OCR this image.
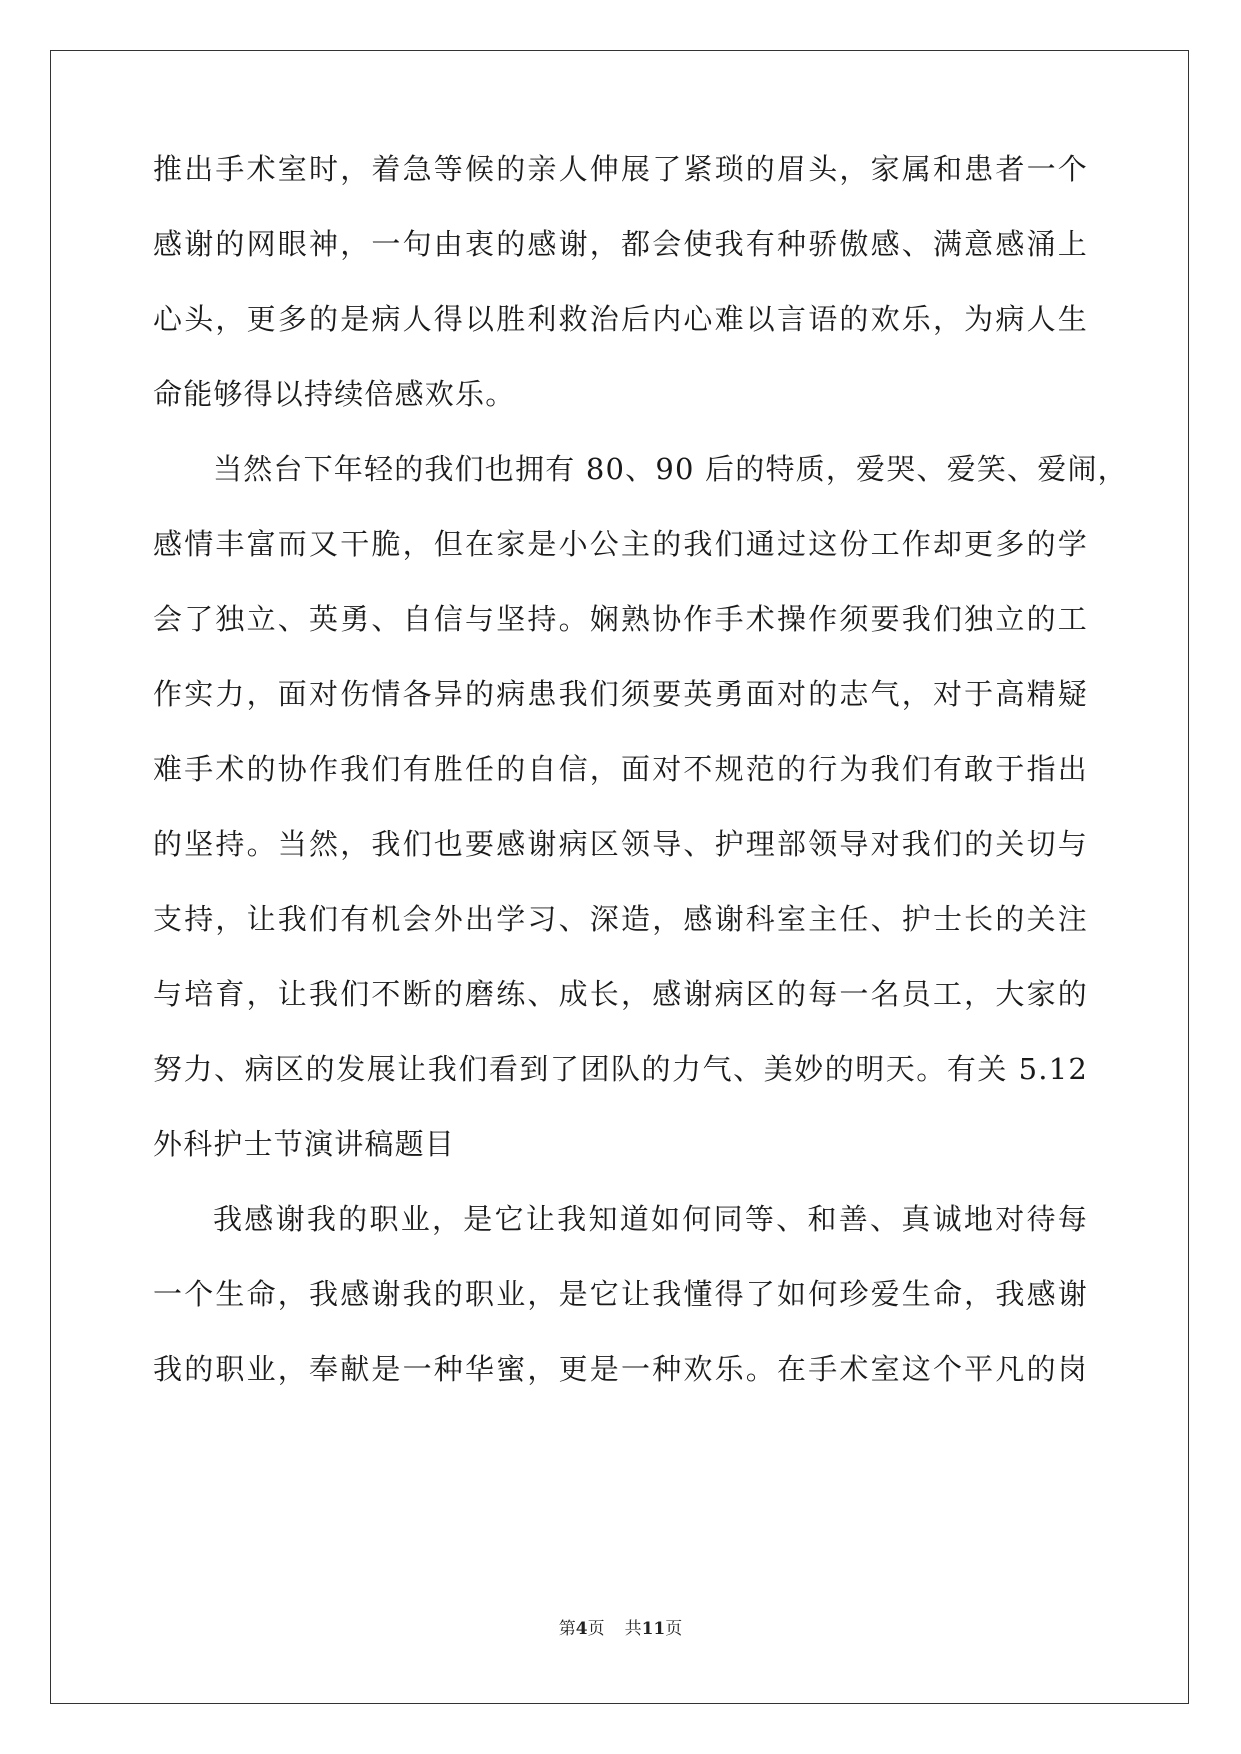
推出手术室时，着急等候的亲人伸展了紧琐的眉头，家属和患者一个
感谢的网眼神，一句由衷的感谢，都会使我有种骄傲感、满意感涌上
心头，更多的是病人得以胜利救治后内心难以言语的欢乐，为病人生
命能够得以持续倍感欢乐。
当然台下年轻的我们也拥有 80、90 后的特质，爱哭、爱笑、爱闹，
感情丰富而又干脆，但在家是小公主的我们通过这份工作却更多的学
会了独立、英勇、自信与坚持。娴熟协作手术操作须要我们独立的工
作实力，面对伤情各异的病患我们须要英勇面对的志气，对于高精疑
难手术的协作我们有胜任的自信，面对不规范的行为我们有敢于指出
的坚持。当然，我们也要感谢病区领导、护理部领导对我们的关切与
支持，让我们有机会外出学习、深造，感谢科室主任、护士长的关注
与培育，让我们不断的磨练、成长，感谢病区的每一名员工，大家的
努力、病区的发展让我们看到了团队的力气、美妙的明天。有关 5.12
外科护士节演讲稿题目
我感谢我的职业，是它让我知道如何同等、和善、真诚地对待每
一个生命，我感谢我的职业，是它让我懂得了如何珍爱生命，我感谢
我的职业，奉献是一种华蜜，更是一种欢乐。在手术室这个平凡的岗
第4页 共11页
